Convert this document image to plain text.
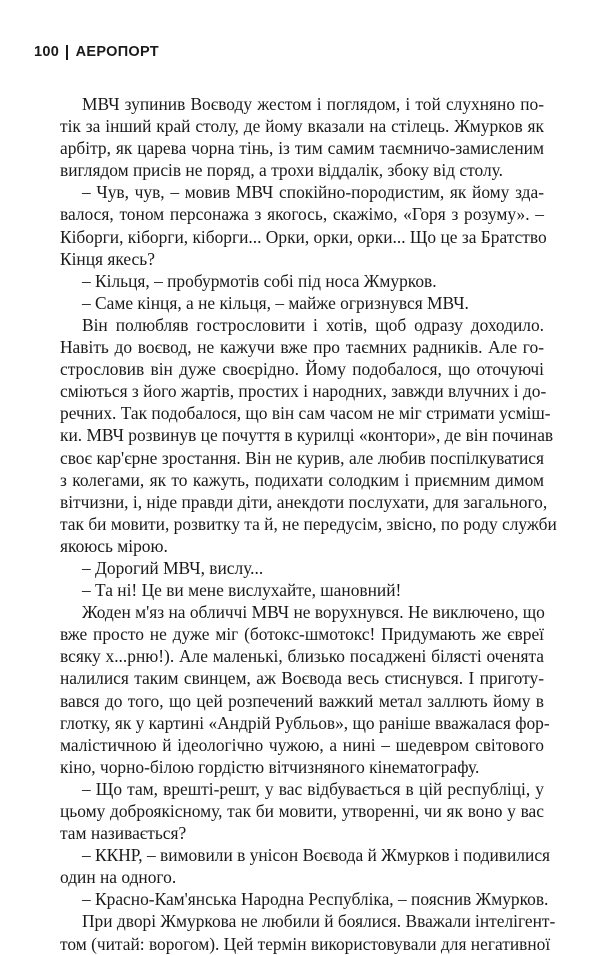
100 АЕРОПОРТ
МВЧ зупинив Воєводу жестом і поглядом, і той слухняно по-
тік за інший край столу, де йому вказали на стілець. Жмурков як
арбітр, як царева чорна тінь, із тим самим таємничо-замисленим
виглядом присів не поряд, а трохи віддалік, збоку від столу.
– Чув, чув, – мовив МВЧ спокійно-породистим, як йому зда-
валося, тоном персонажа з якогось, скажімо, «Горя з розуму». –
Кіборги, кіборги, кіборги... Орки, орки, орки... Що це за Братство
Кінця якесь?
– Кільця, – пробурмотів собі під носа Жмурков.
– Саме кінця, а не кільця, – майже огризнувся МВЧ.
Він полюбляв гострословити і хотів, щоб одразу доходило.
Навіть до воєвод, не кажучи вже про таємних радників. Але го-
стрословив він дуже своєрідно. Йому подобалося, що оточуючі
сміються з його жартів, простих і народних, завжди влучних і до-
речних. Так подобалося, що він сам часом не міг стримати усміш-
ки. МВЧ розвинув це почуття в курилці «контори», де він починав
своє кар'єрне зростання. Він не курив, але любив поспілкуватися
з колегами, як то кажуть, подихати солодким і приємним димом
вітчизни, і, ніде правди діти, анекдоти послухати, для загального,
так би мовити, розвитку та й, не передусім, звісно, по роду служби
якоюсь мірою.
– Дорогий МВЧ, вислу...
– Та ні! Це ви мене вислухайте, шановний!
Жоден м'яз на обличчі МВЧ не ворухнувся. Не виключено, що
вже просто не дуже міг (ботокс-шмотокс! Придумають же євреї
всяку х...рню!). Але маленькі, близько посаджені білясті оченята
налилися таким свинцем, аж Воєвода весь стиснувся. І приготу-
вався до того, що цей розпечений важкий метал заллють йому в
глотку, як у картині «Андрій Рубльов», що раніше вважалася фор-
малістичною й ідеологічно чужою, а нині – шедевром світового
кіно, чорно-білою гордістю вітчизняного кінематографу.
– Що там, врешті-решт, у вас відбувається в цій республіці, у
цьому доброякісному, так би мовити, утворенні, чи як воно у вас
там називається?
– ККНР, – вимовили в унісон Воєвода й Жмурков і подивилися
один на одного.
– Красно-Кам'янська Народна Республіка, – пояснив Жмурков.
При дворі Жмуркова не любили й боялися. Вважали інтелігент-
том (читай: ворогом). Цей термін використовували для негативної
